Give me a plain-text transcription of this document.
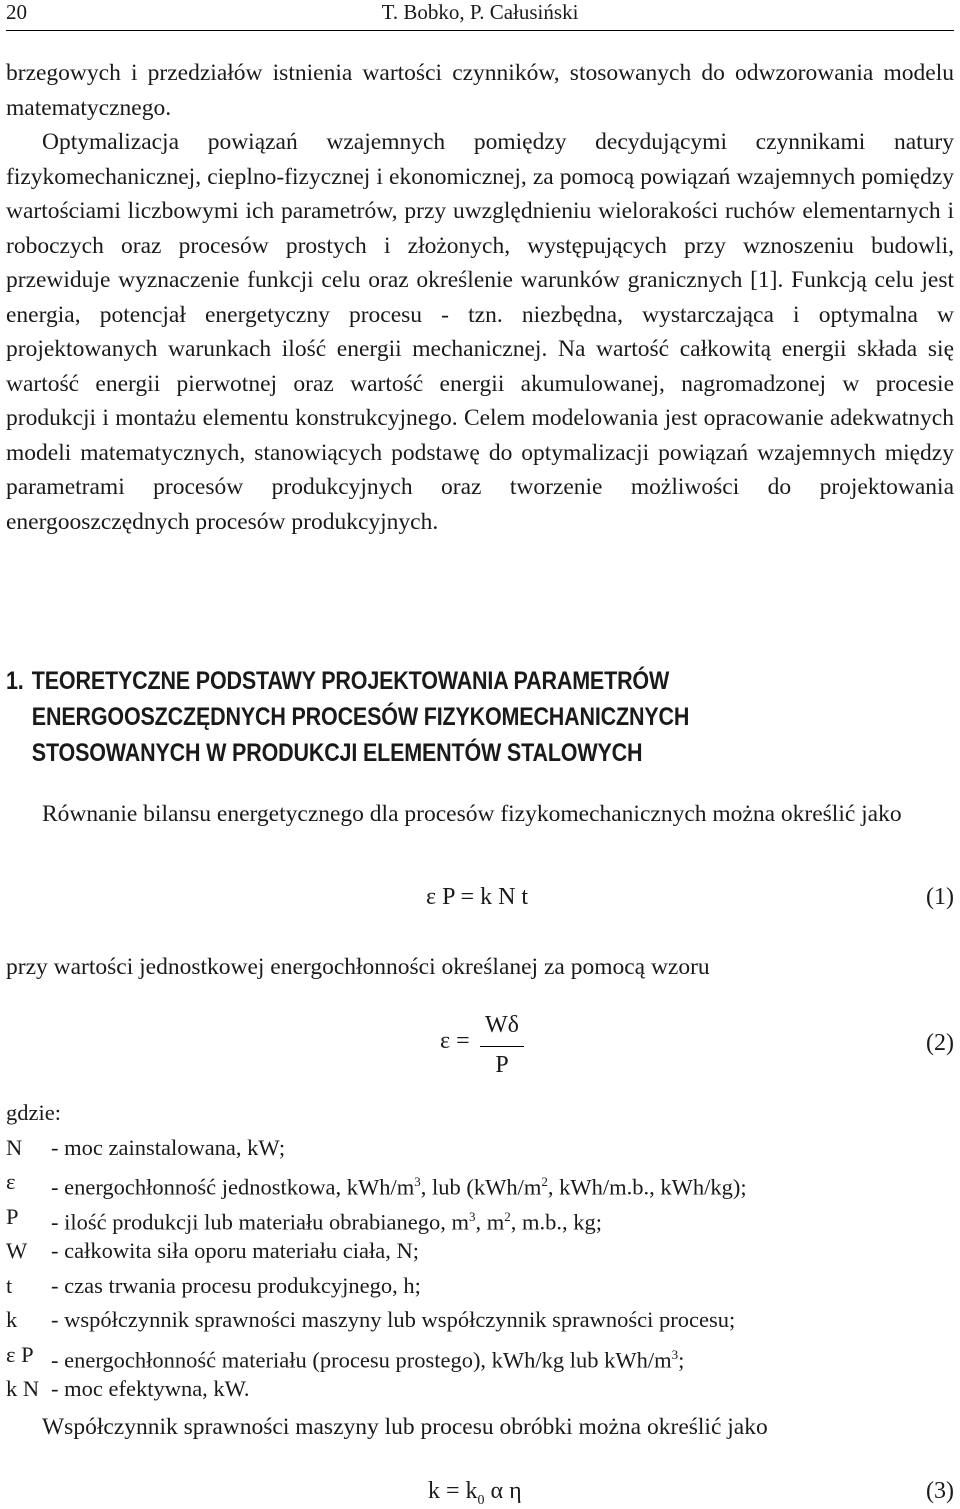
20	T. Bobko, P. Całusiński

brzegowych i przedziałów istnienia wartości czynników, stosowanych do odwzorowania modelu matematycznego.

Optymalizacja powiązań wzajemnych pomiędzy decydującymi czynnikami natury fizykomechanicznej, cieplno-fizycznej i ekonomicznej, za pomocą powiązań wzajemnych pomiędzy wartościami liczbowymi ich parametrów, przy uwzględnieniu wielorakości ruchów elementarnych i roboczych oraz procesów prostych i złożonych, występujących przy wznoszeniu budowli, przewiduje wyznaczenie funkcji celu oraz określenie warunków granicznych [1]. Funkcją celu jest energia, potencjał energetyczny procesu - tzn. niezbędna, wystarczająca i optymalna w projektowanych warunkach ilość energii mechanicznej. Na wartość całkowitą energii składa się wartość energii pierwotnej oraz wartość energii akumulowanej, nagromadzonej w procesie produkcji i montażu elementu konstrukcyjnego. Celem modelowania jest opracowanie adekwatnych modeli matematycznych, stanowiących podstawę do optymalizacji powiązań wzajemnych między parametrami procesów produkcyjnych oraz tworzenie możliwości do projektowania energooszczędnych procesów produkcyjnych.

1. TEORETYCZNE PODSTAWY PROJEKTOWANIA PARAMETRÓW
ENERGOOSZCZĘDNYCH PROCESÓW FIZYKOMECHANICZNYCH
STOSOWANYCH W PRODUKCJI ELEMENTÓW STALOWYCH

Równanie bilansu energetycznego dla procesów fizykomechanicznych można określić jako

ε P = k N t	(1)

przy wartości jednostkowej energochłonności określanej za pomocą wzoru

ε =
Wδ
P
(2)
gdzie:
N	- moc zainstalowana, kW;
ε	- energochłonność jednostkowa, kWh/$m^3$, lub ($kWh/m^2$, kWh/m.b., kWh/kg);
P	- ilość produkcji lub materiału obrabianego, $m^3$, $m^2$, m.b., kg;
W	- całkowita siła oporu materiału ciała, N;
t	- czas trwania procesu produkcyjnego, h;
k	- współczynnik sprawności maszyny lub współczynnik sprawności procesu;
ε P - energochłonność materiału (procesu prostego), kWh/kg lub kWh/$m^3$;
k N - moc efektywna, kW.

Współczynnik sprawności maszyny lub procesu obróbki można określić jako

$k = k_0$ α η	(3)
